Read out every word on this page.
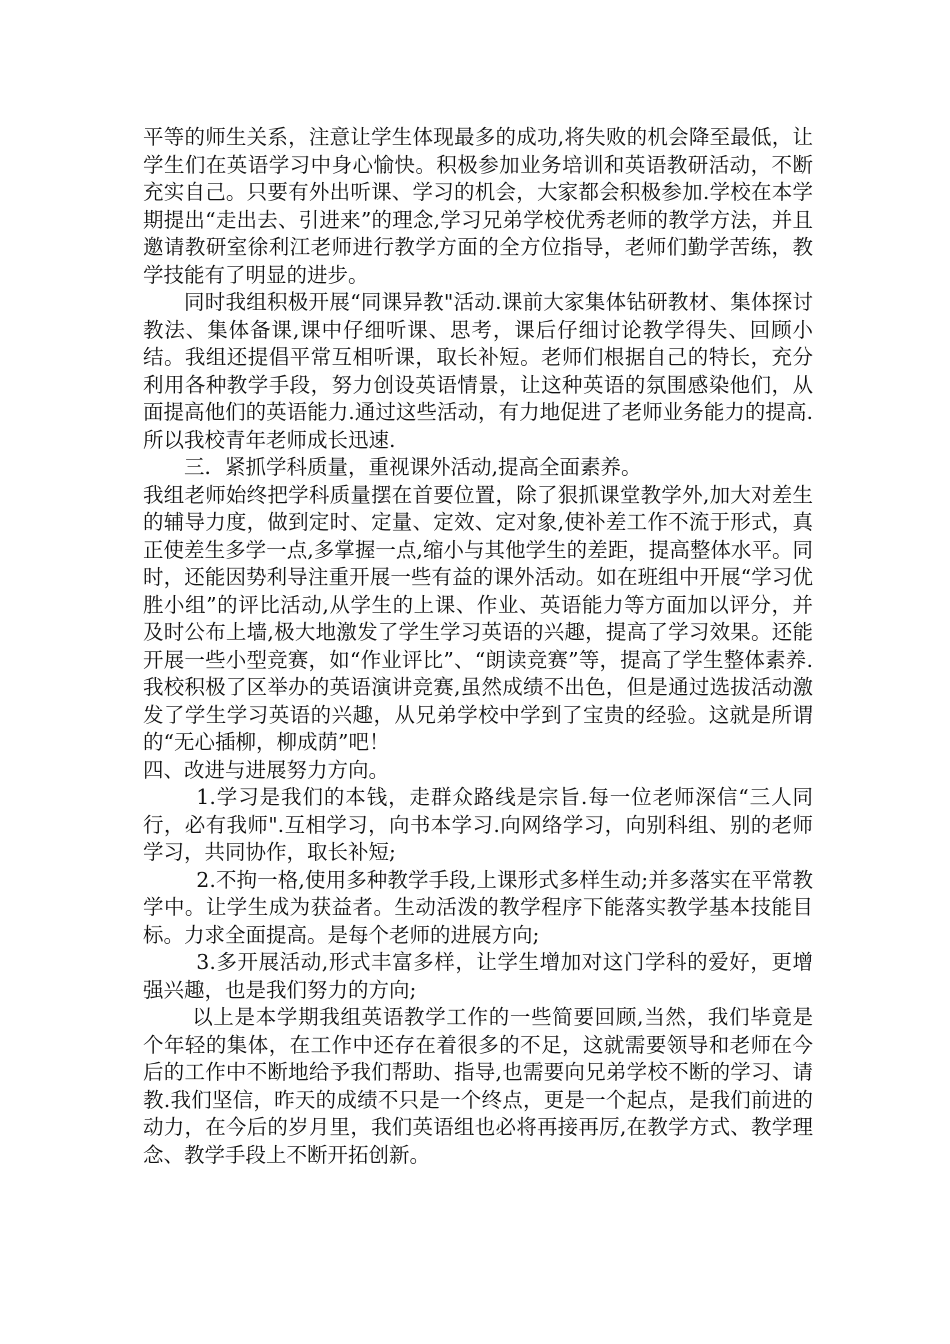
平等的师生关系，注意让学生体现最多的成功,将失败的机会降至最低，让学生们在英语学习中身心愉快。积极参加业务培训和英语教研活动，不断充实自己。只要有外出听课、学习的机会，大家都会积极参加.学校在本学期提出“走出去、引进来”的理念,学习兄弟学校优秀老师的教学方法，并且邀请教研室徐利江老师进行教学方面的全方位指导，老师们勤学苦练，教学技能有了明显的进步。

同时我组积极开展“同课异教"活动.课前大家集体钻研教材、集体探讨教法、集体备课,课中仔细听课、思考，课后仔细讨论教学得失、回顾小结。我组还提倡平常互相听课，取长补短。老师们根据自己的特长，充分利用各种教学手段，努力创设英语情景，让这种英语的氛围感染他们，从面提高他们的英语能力.通过这些活动，有力地促进了老师业务能力的提高.所以我校青年老师成长迅速.

三．紧抓学科质量，重视课外活动,提高全面素养。

我组老师始终把学科质量摆在首要位置，除了狠抓课堂教学外,加大对差生的辅导力度，做到定时、定量、定效、定对象,使补差工作不流于形式，真正使差生多学一点,多掌握一点,缩小与其他学生的差距，提高整体水平。同时，还能因势利导注重开展一些有益的课外活动。如在班组中开展“学习优胜小组”的评比活动,从学生的上课、作业、英语能力等方面加以评分，并及时公布上墙,极大地激发了学生学习英语的兴趣，提高了学习效果。还能开展一些小型竞赛，如“作业评比”、“朗读竞赛”等，提高了学生整体素养.我校积极了区举办的英语演讲竞赛,虽然成绩不出色，但是通过选拔活动激发了学生学习英语的兴趣，从兄弟学校中学到了宝贵的经验。这就是所谓的“无心插柳，柳成荫”吧！

四、改进与进展努力方向。

1.学习是我们的本钱，走群众路线是宗旨.每一位老师深信“三人同行，必有我师".互相学习，向书本学习.向网络学习，向别科组、别的老师学习，共同协作，取长补短;

2.不拘一格,使用多种教学手段,上课形式多样生动;并多落实在平常教学中。让学生成为获益者。生动活泼的教学程序下能落实教学基本技能目标。力求全面提高。是每个老师的进展方向;

3.多开展活动,形式丰富多样，让学生增加对这门学科的爱好，更增强兴趣，也是我们努力的方向;

以上是本学期我组英语教学工作的一些简要回顾,当然，我们毕竟是个年轻的集体，在工作中还存在着很多的不足，这就需要领导和老师在今后的工作中不断地给予我们帮助、指导,也需要向兄弟学校不断的学习、请教.我们坚信，昨天的成绩不只是一个终点，更是一个起点，是我们前进的动力，在今后的岁月里，我们英语组也必将再接再厉,在教学方式、教学理念、教学手段上不断开拓创新。
